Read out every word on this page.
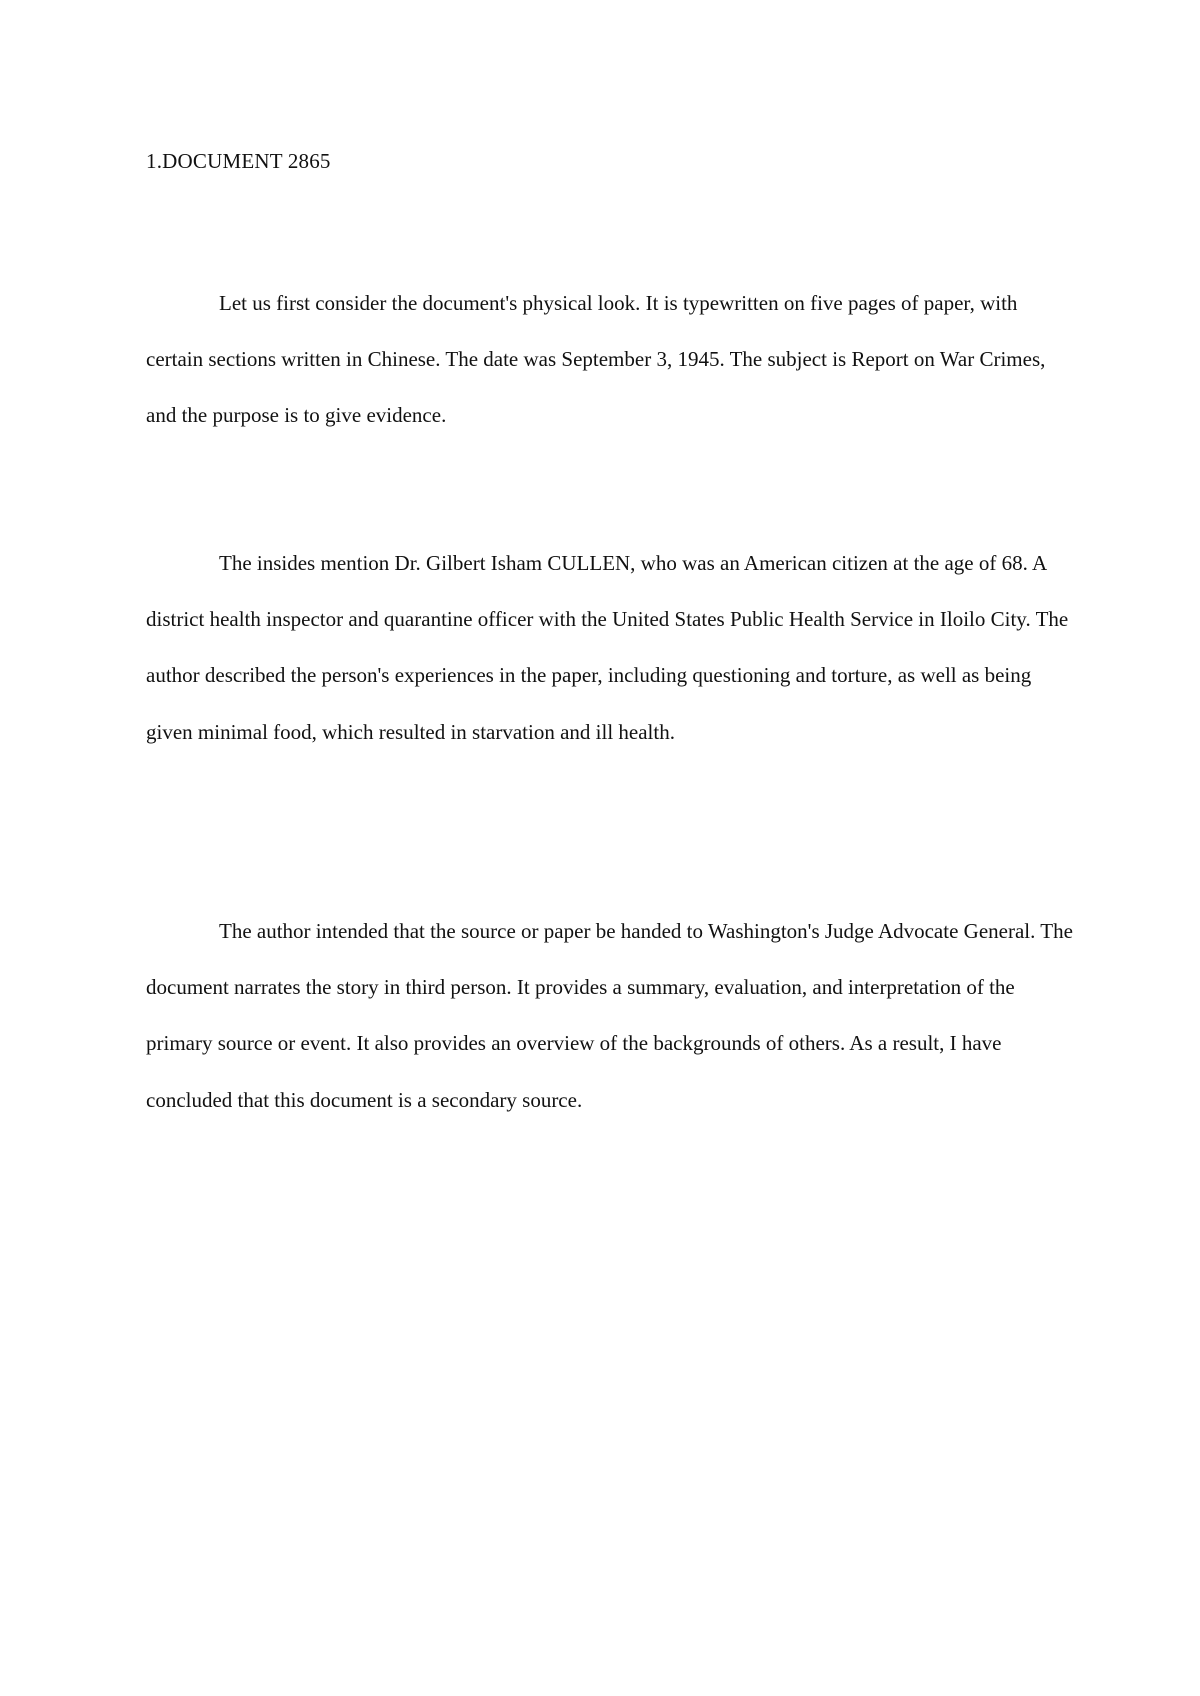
1.DOCUMENT 2865

Let us first consider the document's physical look. It is typewritten on five pages of paper, with certain sections written in Chinese. The date was September 3, 1945. The subject is Report on War Crimes, and the purpose is to give evidence.

The insides mention Dr. Gilbert Isham CULLEN, who was an American citizen at the age of 68. A district health inspector and quarantine officer with the United States Public Health Service in Iloilo City. The author described the person's experiences in the paper, including questioning and torture, as well as being given minimal food, which resulted in starvation and ill health.

The author intended that the source or paper be handed to Washington's Judge Advocate General. The document narrates the story in third person. It provides a summary, evaluation, and interpretation of the primary source or event. It also provides an overview of the backgrounds of others. As a result, I have concluded that this document is a secondary source.
